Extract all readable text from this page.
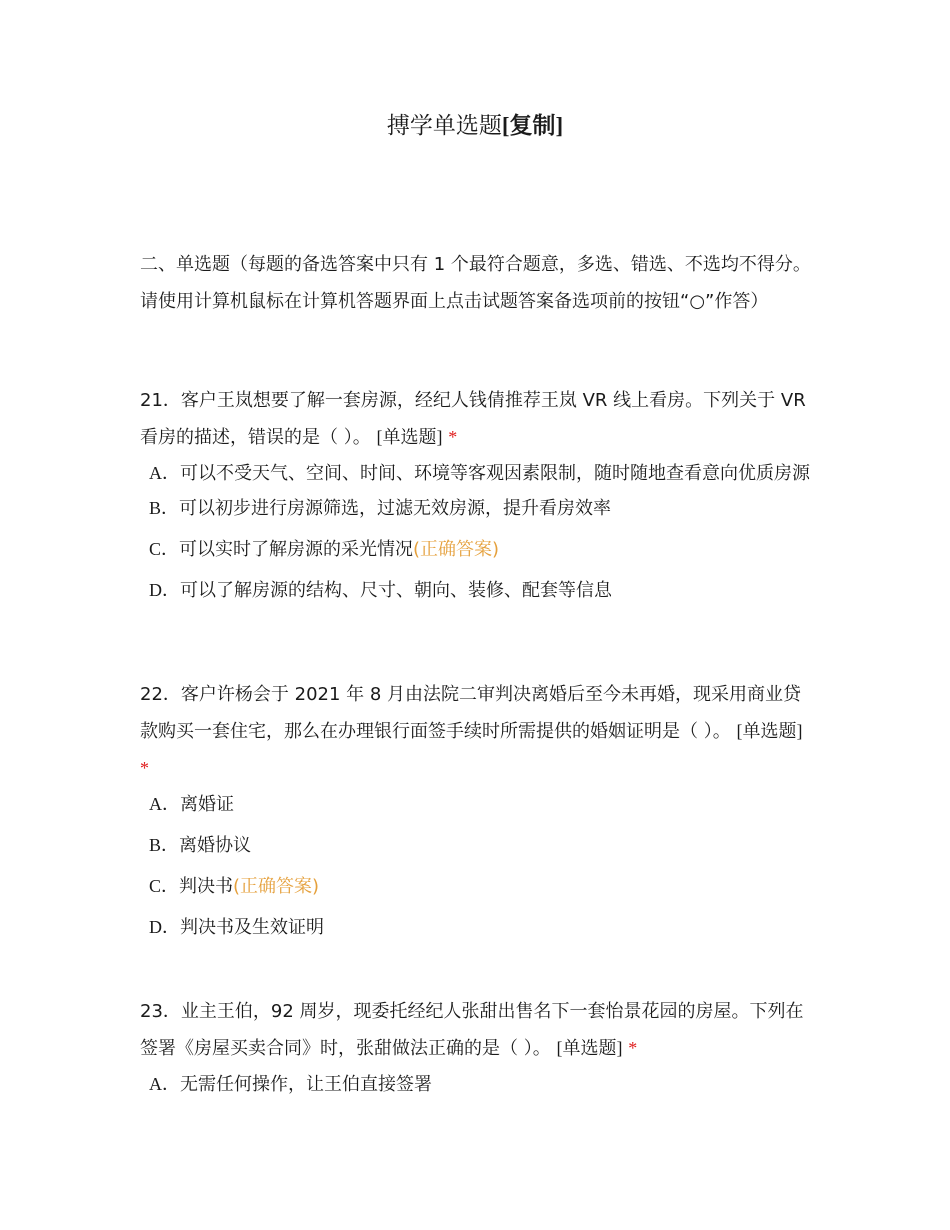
搏学单选题[复制]

二、单选题（每题的备选答案中只有 1 个最符合题意，多选、错选、不选均不得分。请使用计算机鼠标在计算机答题界面上点击试题答案备选项前的按钮“○”作答）

21．客户王岚想要了解一套房源，经纪人钱倩推荐王岚 VR 线上看房。下列关于 VR 看房的描述，错误的是（ ）。 [单选题] *

A．可以不受天气、空间、时间、环境等客观因素限制，随时随地查看意向优质房源
B．可以初步进行房源筛选，过滤无效房源，提升看房效率
C．可以实时了解房源的采光情况(正确答案)
D．可以了解房源的结构、尺寸、朝向、装修、配套等信息

22．客户许杨会于 2021 年 8 月由法院二审判决离婚后至今未再婚，现采用商业贷款购买一套住宅，那么在办理银行面签手续时所需提供的婚姻证明是（ ）。 [单选题] *

A．离婚证
B．离婚协议
C．判决书(正确答案)
D．判决书及生效证明

23．业主王伯，92 周岁，现委托经纪人张甜出售名下一套怡景花园的房屋。下列在签署《房屋买卖合同》时，张甜做法正确的是（ ）。 [单选题] *

A．无需任何操作，让王伯直接签署
